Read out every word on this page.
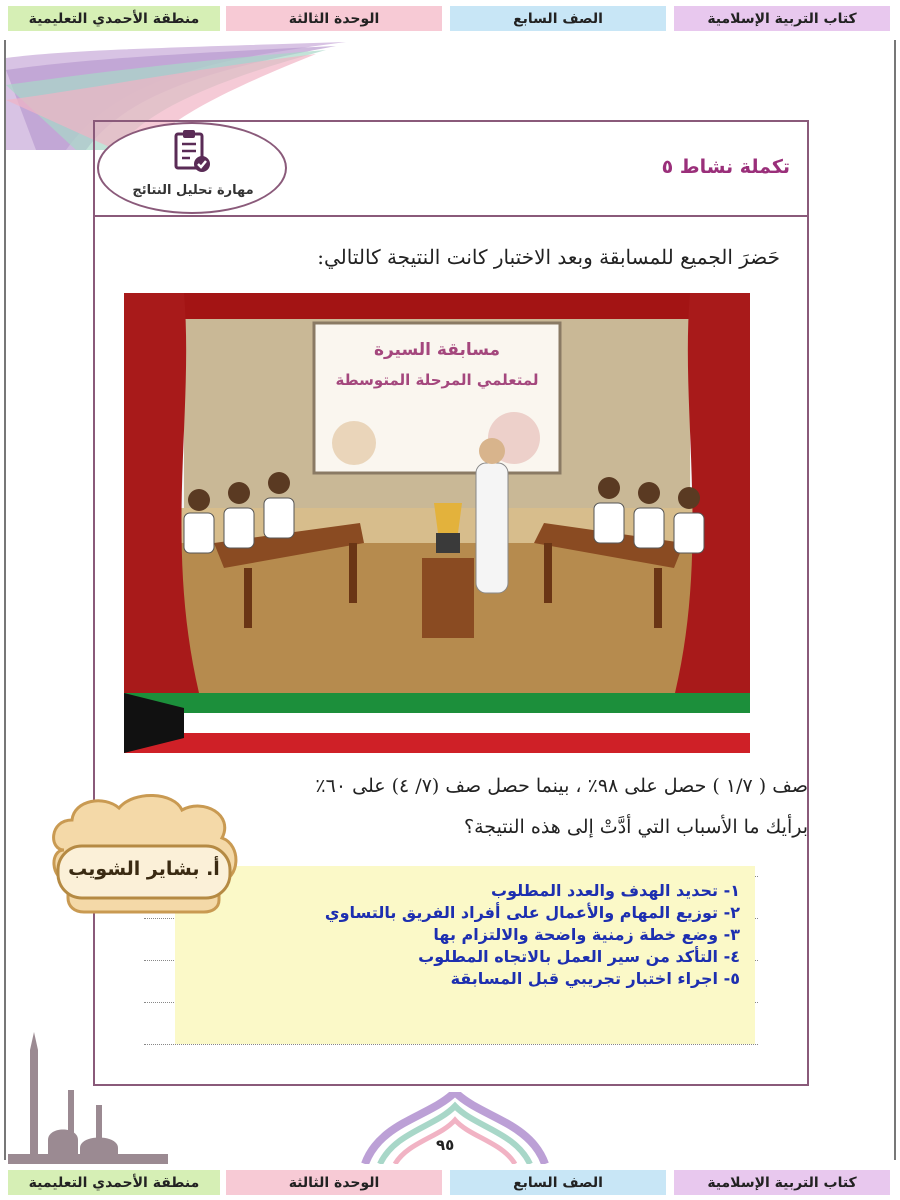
كتاب التربية الإسلامية
الصف السابع
الوحدة الثالثة
منطقة الأحمدي التعليمية
تكملة نشاط ٥
مهارة تحليل النتائج
حَضرَ الجميع للمسابقة وبعد الاختبار كانت النتيجة كالتالي:
مسابقة السيرة
لمتعلمي المرحلة المتوسطة
صف ( ١/٧ ) حصل على ٩٨٪ ، بينما حصل صف (٧/ ٤) على ٦٠٪
برأيك ما الأسباب التي أدَّتْ إلى هذه النتيجة؟
١- تحديد الهدف والعدد المطلوب
٢- توزيع المهام والأعمال على أفراد الفريق بالتساوي
٣- وضع خطة زمنية واضحة والالتزام بها
٤- التأكد من سير العمل بالاتجاه المطلوب
٥- اجراء اختبار تجريبي قبل المسابقة
أ. بشاير الشويب
٩٥
كتاب التربية الإسلامية
الصف السابع
الوحدة الثالثة
منطقة الأحمدي التعليمية
